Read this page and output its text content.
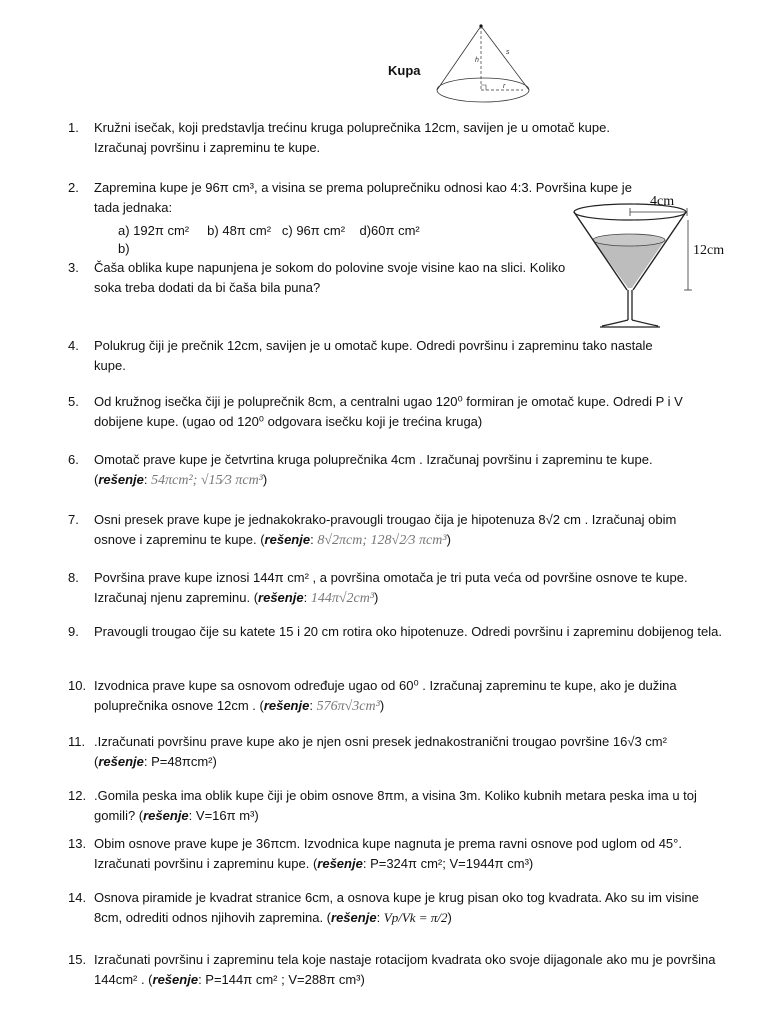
Kupa
h
s
r
4cm
12cm
1.	Kružni isečak, koji predstavlja trećinu kruga poluprečnika 12cm, savijen je u omotač kupe. Izračunaj površinu i zapreminu te kupe.
2.	Zapremina kupe je 96π cm³, a visina se prema poluprečniku odnosi kao 4:3. Površina kupe je tada jednaka:
a) 192π cm² b) 48π cm² c) 96π cm² d)60π cm²
b)
3.	Čaša oblika kupe napunjena je sokom do polovine svoje visine kao na slici. Koliko soka treba dodati da bi čaša bila puna?
4.	Polukrug čiji je prečnik 12cm, savijen je u omotač kupe. Odredi površinu i zapreminu tako nastale kupe.
5.	Od kružnog isečka čiji je poluprečnik 8cm, a centralni ugao 120⁰ formiran je omotač kupe. Odredi P i V dobijene kupe. (ugao od 120⁰ odgovara isečku koji je trećina kruga)
6.	Omotač prave kupe je četvrtina kruga poluprečnika 4cm . Izračunaj površinu i zapreminu te kupe. (rešenje: 54πcm²; √15⁄3 πcm³)
7.	Osni presek prave kupe je jednakokrako-pravougli trougao čija je hipotenuza 8√2 cm . Izračunaj obim osnove i zapreminu te kupe. (rešenje: 8√2πcm; 128√2⁄3 πcm³)
8.	Površina prave kupe iznosi 144π cm² , a površina omotača je tri puta veća od površine osnove te kupe. Izračunaj njenu zapreminu. (rešenje: 144π√2cm³)
9.	Pravougli trougao čije su katete 15 i 20 cm rotira oko hipotenuze. Odredi površinu i zapreminu dobijenog tela.
10. Izvodnica prave kupe sa osnovom određuje ugao od 60⁰ . Izračunaj zapreminu te kupe, ako je dužina poluprečnika osnove 12cm . (rešenje: 576π√3cm³)
11. .Izračunati površinu prave kupe ako je njen osni presek jednakostranični trougao površine 16√3 cm² (rešenje: P=48πcm²)
12. .Gomila peska ima oblik kupe čiji je obim osnove 8πm, a visina 3m. Koliko kubnih metara peska ima u toj gomili? (rešenje: V=16π m³)
13. Obim osnove prave kupe je 36πcm. Izvodnica kupe nagnuta je prema ravni osnove pod uglom od 45°. Izračunati površinu i zapreminu kupe. (rešenje: P=324π cm²; V=1944π cm³)
14. Osnova piramide je kvadrat stranice 6cm, a osnova kupe je krug pisan oko tog kvadrata. Ako su im visine 8cm, odrediti odnos njihovih zapremina. (rešenje: Vp/Vk = π/2)
15. Izračunati površinu i zapreminu tela koje nastaje rotacijom kvadrata oko svoje dijagonale ako mu je površina 144cm² . (rešenje: P=144π cm² ; V=288π cm³)
